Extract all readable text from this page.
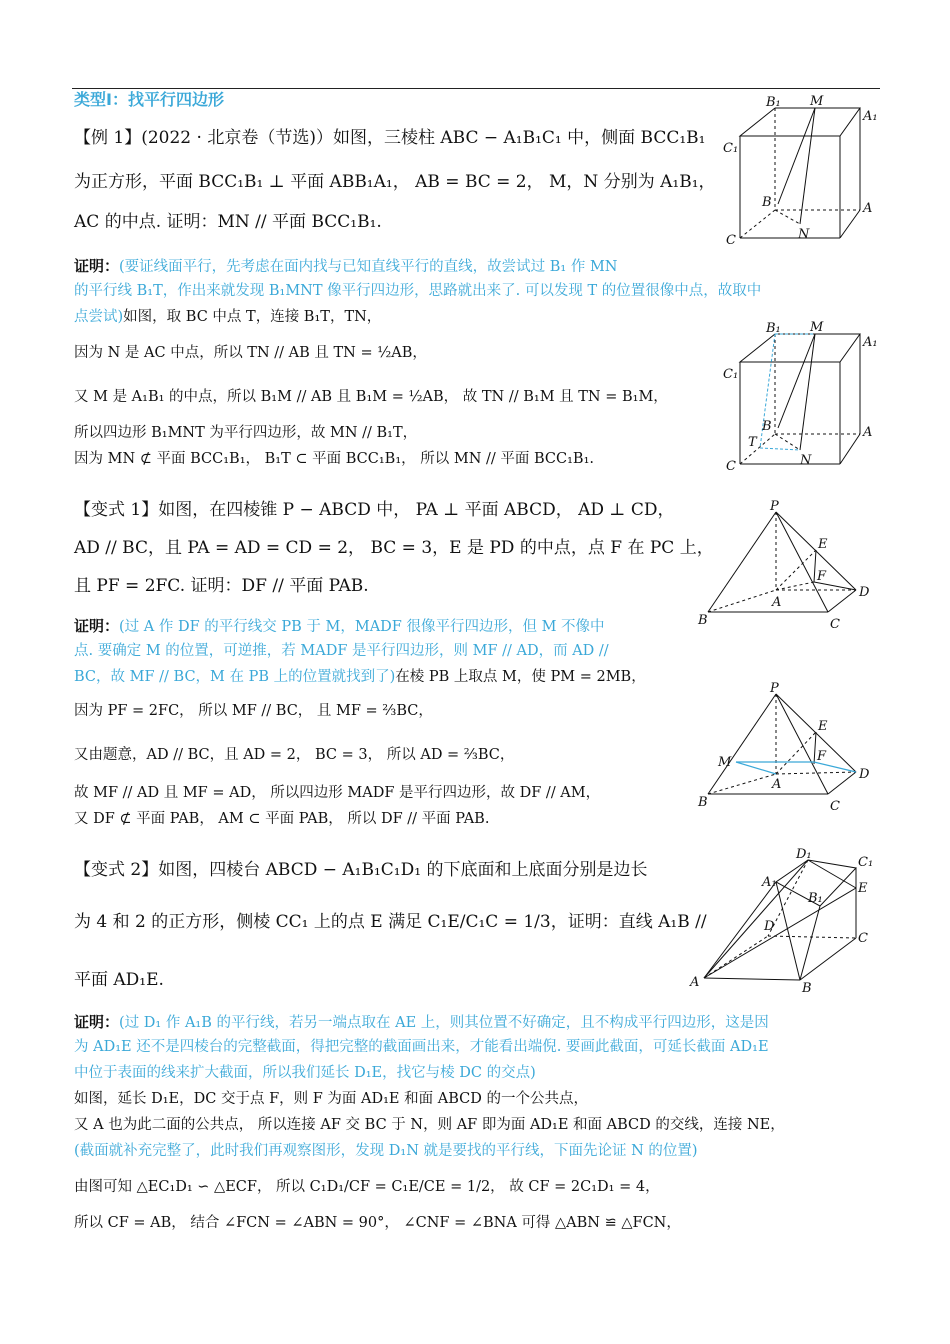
类型Ⅰ：找平行四边形
【例 1】(2022 · 北京卷（节选)）如图，三棱柱 ABC − A₁B₁C₁ 中，侧面 BCC₁B₁
为正方形，平面 BCC₁B₁ ⊥ 平面 ABB₁A₁， AB = BC = 2， M，N 分别为 A₁B₁，
AC 的中点. 证明：MN // 平面 BCC₁B₁.
证明：(要证线面平行，先考虑在面内找与已知直线平行的直线，故尝试过 B₁ 作 MN
的平行线 B₁T，作出来就发现 B₁MNT 像平行四边形，思路就出来了. 可以发现 T 的位置很像中点，故取中
点尝试)如图，取 BC 中点 T，连接 B₁T，TN，
因为 N 是 AC 中点，所以 TN // AB 且 TN = ½AB，
又 M 是 A₁B₁ 的中点，所以 B₁M // AB 且 B₁M = ½AB， 故 TN // B₁M 且 TN = B₁M，
所以四边形 B₁MNT 为平行四边形，故 MN // B₁T，
因为 MN ⊄ 平面 BCC₁B₁， B₁T ⊂ 平面 BCC₁B₁， 所以 MN // 平面 BCC₁B₁.
【变式 1】如图，在四棱锥 P − ABCD 中， PA ⊥ 平面 ABCD， AD ⊥ CD，
AD // BC，且 PA = AD = CD = 2， BC = 3，E 是 PD 的中点，点 F 在 PC 上，
且 PF = 2FC. 证明：DF // 平面 PAB.
证明：(过 A 作 DF 的平行线交 PB 于 M，MADF 很像平行四边形，但 M 不像中
点. 要确定 M 的位置，可逆推，若 MADF 是平行四边形，则 MF // AD，而 AD //
BC，故 MF // BC，M 在 PB 上的位置就找到了)在棱 PB 上取点 M，使 PM = 2MB，
因为 PF = 2FC， 所以 MF // BC， 且 MF = ⅔BC，
又由题意，AD // BC，且 AD = 2， BC = 3， 所以 AD = ⅔BC，
故 MF // AD 且 MF = AD， 所以四边形 MADF 是平行四边形，故 DF // AM，
又 DF ⊄ 平面 PAB， AM ⊂ 平面 PAB， 所以 DF // 平面 PAB.
【变式 2】如图，四棱台 ABCD − A₁B₁C₁D₁ 的下底面和上底面分别是边长
为 4 和 2 的正方形，侧棱 CC₁ 上的点 E 满足 C₁E/C₁C = 1/3，证明：直线 A₁B //
平面 AD₁E.
证明：(过 D₁ 作 A₁B 的平行线，若另一端点取在 AE 上，则其位置不好确定，且不构成平行四边形，这是因
为 AD₁E 还不是四棱台的完整截面，得把完整的截面画出来，才能看出端倪. 要画此截面，可延长截面 AD₁E
中位于表面的线来扩大截面，所以我们延长 D₁E，找它与棱 DC 的交点)
如图，延长 D₁E，DC 交于点 F，则 F 为面 AD₁E 和面 ABCD 的一个公共点，
又 A 也为此二面的公共点， 所以连接 AF 交 BC 于 N，则 AF 即为面 AD₁E 和面 ABCD 的交线，连接 NE，
(截面就补充完整了，此时我们再观察图形，发现 D₁N 就是要找的平行线，下面先论证 N 的位置)
由图可知 △EC₁D₁ ∽ △ECF， 所以 C₁D₁/CF = C₁E/CE = 1/2， 故 CF = 2C₁D₁ = 4，
所以 CF = AB， 结合 ∠FCN = ∠ABN = 90°， ∠CNF = ∠BNA 可得 △ABN ≌ △FCN，
B₁ M
A₁
C₁
B	A
C	N
B₁ M
A₁
C₁
B	A
C	N
T
P
E
F
A
B	C
D
P
E
F
A
B	C
D
M
D₁
C₁
A₁
B₁
E
D
C
A	B
